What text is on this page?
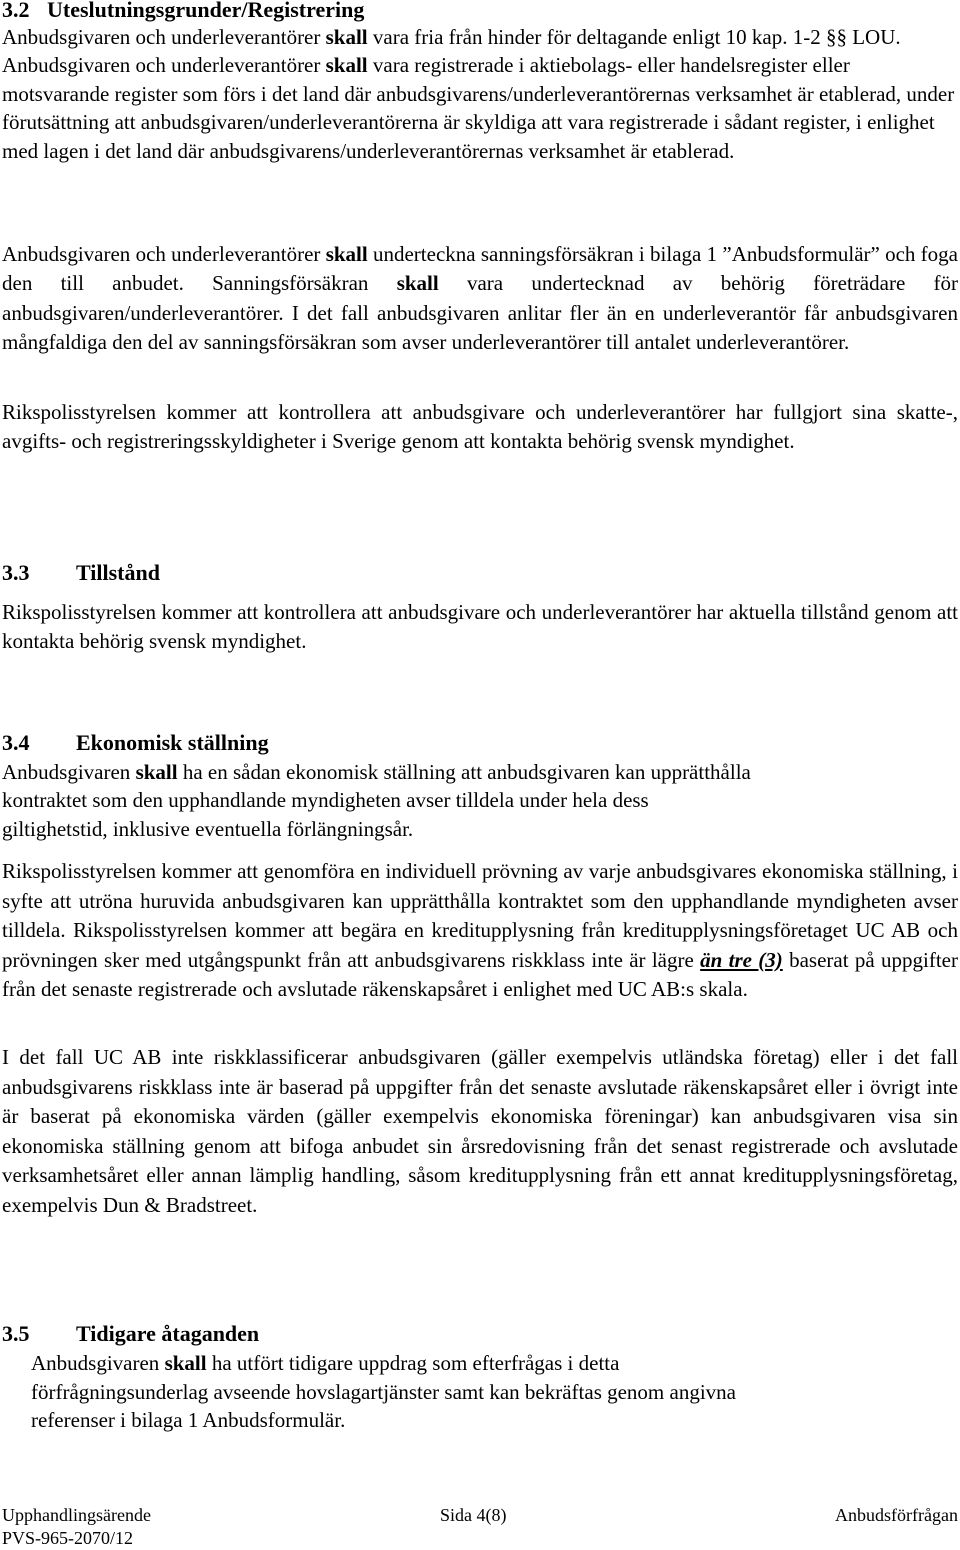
3.2 Uteslutningsgrunder/Registrering

Anbudsgivaren och underleverantörer skall vara fria från hinder för deltagande enligt 10 kap. 1-2 §§ LOU. Anbudsgivaren och underleverantörer skall vara registrerade i aktiebolags- eller handelsregister eller motsvarande register som förs i det land där anbudsgivarens/underleverantörernas verksamhet är etablerad, under förutsättning att anbudsgivaren/underleverantörerna är skyldiga att vara registrerade i sådant register, i enlighet med lagen i det land där anbudsgivarens/underleverantörernas verksamhet är etablerad.

Anbudsgivaren och underleverantörer skall underteckna sanningsförsäkran i bilaga 1 ”Anbudsformulär” och foga den till anbudet. Sanningsförsäkran skall vara undertecknad av behörig företrädare för anbudsgivaren/underleverantörer. I det fall anbudsgivaren anlitar fler än en underleverantör får anbudsgivaren mångfaldiga den del av sanningsförsäkran som avser underleverantörer till antalet underleverantörer.

Rikspolisstyrelsen kommer att kontrollera att anbudsgivare och underleverantörer har fullgjort sina skatte-, avgifts- och registreringsskyldigheter i Sverige genom att kontakta behörig svensk myndighet.

3.3 Tillstånd

Rikspolisstyrelsen kommer att kontrollera att anbudsgivare och underleverantörer har aktuella tillstånd genom att kontakta behörig svensk myndighet.

3.4 Ekonomisk ställning

Anbudsgivaren skall ha en sådan ekonomisk ställning att anbudsgivaren kan upprätthålla
kontraktet som den upphandlande myndigheten avser tilldela under hela dess
giltighetstid, inklusive eventuella förlängningsår.

Rikspolisstyrelsen kommer att genomföra en individuell prövning av varje anbudsgivares ekonomiska ställning, i syfte att utröna huruvida anbudsgivaren kan upprätthålla kontraktet som den upphandlande myndigheten avser tilldela. Rikspolisstyrelsen kommer att begära en kreditupplysning från kreditupplysningsföretaget UC AB och prövningen sker med utgångspunkt från att anbudsgivarens riskklass inte är lägre än tre (3) baserat på uppgifter från det senaste registrerade och avslutade räkenskapsåret i enlighet med UC AB:s skala.

I det fall UC AB inte riskklassificerar anbudsgivaren (gäller exempelvis utländska företag) eller i det fall anbudsgivarens riskklass inte är baserad på uppgifter från det senaste avslutade räkenskapsåret eller i övrigt inte är baserat på ekonomiska värden (gäller exempelvis ekonomiska föreningar) kan anbudsgivaren visa sin ekonomiska ställning genom att bifoga anbudet sin årsredovisning från det senast registrerade och avslutade verksamhetsåret eller annan lämplig handling, såsom kreditupplysning från ett annat kreditupplysningsföretag, exempelvis Dun & Bradstreet.

3.5 Tidigare åtaganden

Anbudsgivaren skall ha utfört tidigare uppdrag som efterfrågas i detta
förfrågningsunderlag avseende hovslagartjänster samt kan bekräftas genom angivna
referenser i bilaga 1 Anbudsformulär.

Upphandlingsärende	Sida 4(8)	Anbudsförfrågan
PVS-965-2070/12
